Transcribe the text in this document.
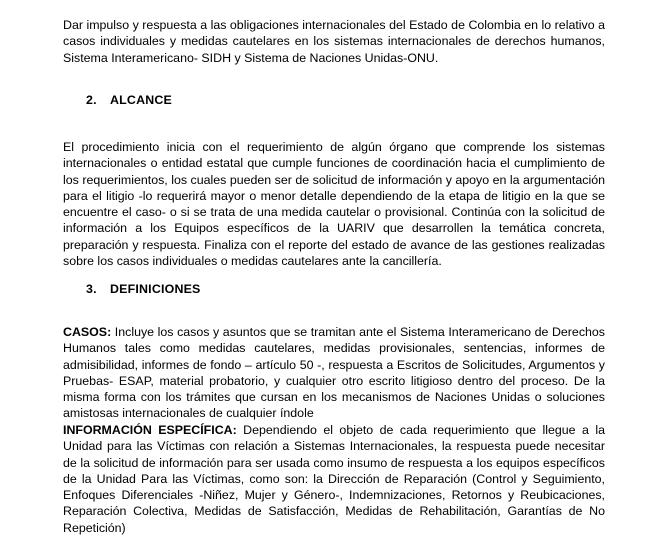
Dar impulso y respuesta a las obligaciones internacionales del Estado de Colombia en lo relativo a casos individuales y medidas cautelares en los sistemas internacionales de derechos humanos, Sistema Interamericano- SIDH y Sistema de Naciones Unidas-ONU.

2. ALCANCE

El procedimiento inicia con el requerimiento de algún órgano que comprende los sistemas internacionales o entidad estatal que cumple funciones de coordinación hacia el cumplimiento de los requerimientos, los cuales pueden ser de solicitud de información y apoyo en la argumentación para el litigio -lo requerirá mayor o menor detalle dependiendo de la etapa de litigio en la que se encuentre el caso- o si se trata de una medida cautelar o provisional. Continúa con la solicitud de información a los Equipos específicos de la UARIV que desarrollen la temática concreta, preparación y respuesta. Finaliza con el reporte del estado de avance de las gestiones realizadas sobre los casos individuales o medidas cautelares ante la cancillería.

3. DEFINICIONES

CASOS: Incluye los casos y asuntos que se tramitan ante el Sistema Interamericano de Derechos Humanos tales como medidas cautelares, medidas provisionales, sentencias, informes de admisibilidad, informes de fondo – artículo 50 -, respuesta a Escritos de Solicitudes, Argumentos y Pruebas- ESAP, material probatorio, y cualquier otro escrito litigioso dentro del proceso. De la misma forma con los trámites que cursan en los mecanismos de Naciones Unidas o soluciones amistosas internacionales de cualquier índole

INFORMACIÓN ESPECÍFICA: Dependiendo el objeto de cada requerimiento que llegue a la Unidad para las Víctimas con relación a Sistemas Internacionales, la respuesta puede necesitar de la solicitud de información para ser usada como insumo de respuesta a los equipos específicos de la Unidad Para las Víctimas, como son: la Dirección de Reparación (Control y Seguimiento, Enfoques Diferenciales -Niñez, Mujer y Género-, Indemnizaciones, Retornos y Reubicaciones, Reparación Colectiva, Medidas de Satisfacción, Medidas de Rehabilitación, Garantías de No Repetición)
